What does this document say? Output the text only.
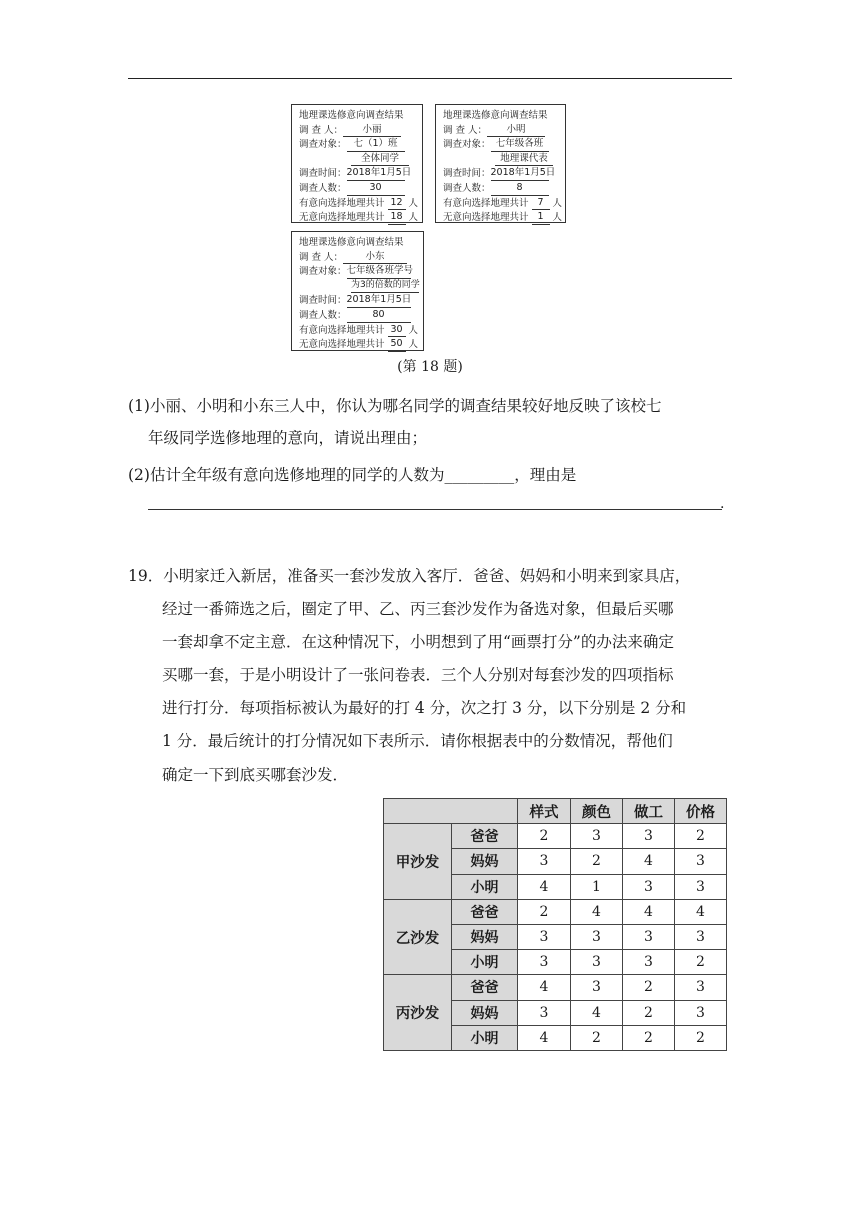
地理课选修意向调查结果
调 查 人：	小丽
调查对象： 七（1）班
全体同学
调查时间： 2018年1月5日
调查人数：	30
有意向选择地理共计 12 人
无意向选择地理共计 18 人
地理课选修意向调查结果
调 查 人：	小明
调查对象： 七年级各班
地理课代表
调查时间： 2018年1月5日
调查人数：	8
有意向选择地理共计 7 人
无意向选择地理共计 1 人
地理课选修意向调查结果
调 查 人：	小东
调查对象： 七年级各班学号
为3的倍数的同学
调查时间： 2018年1月5日
调查人数：	80
有意向选择地理共计 30 人
无意向选择地理共计 50 人
(第 18 题)
(1)小丽、小明和小东三人中，你认为哪名同学的调查结果较好地反映了该校七
年级同学选修地理的意向，请说出理由；
(2)估计全年级有意向选修地理的同学的人数为_________，理由是
.
19．小明家迁入新居，准备买一套沙发放入客厅．爸爸、妈妈和小明来到家具店，
经过一番筛选之后，圈定了甲、乙、丙三套沙发作为备选对象，但最后买哪
一套却拿不定主意．在这种情况下，小明想到了用“画票打分”的办法来确定
买哪一套，于是小明设计了一张问卷表．三个人分别对每套沙发的四项指标
进行打分．每项指标被认为最好的打 4 分，次之打 3 分，以下分别是 2 分和
1 分．最后统计的打分情况如下表所示．请你根据表中的分数情况，帮他们
确定一下到底买哪套沙发．
		样式	颜色	做工	价格
甲沙发	爸爸	2	3	3	2
	妈妈	3	2	4	3
	小明	4	1	3	3
乙沙发	爸爸	2	4	4	4
	妈妈	3	3	3	3
	小明	3	3	3	2
丙沙发	爸爸	4	3	2	3
	妈妈	3	4	2	3
	小明	4	2	2	2
